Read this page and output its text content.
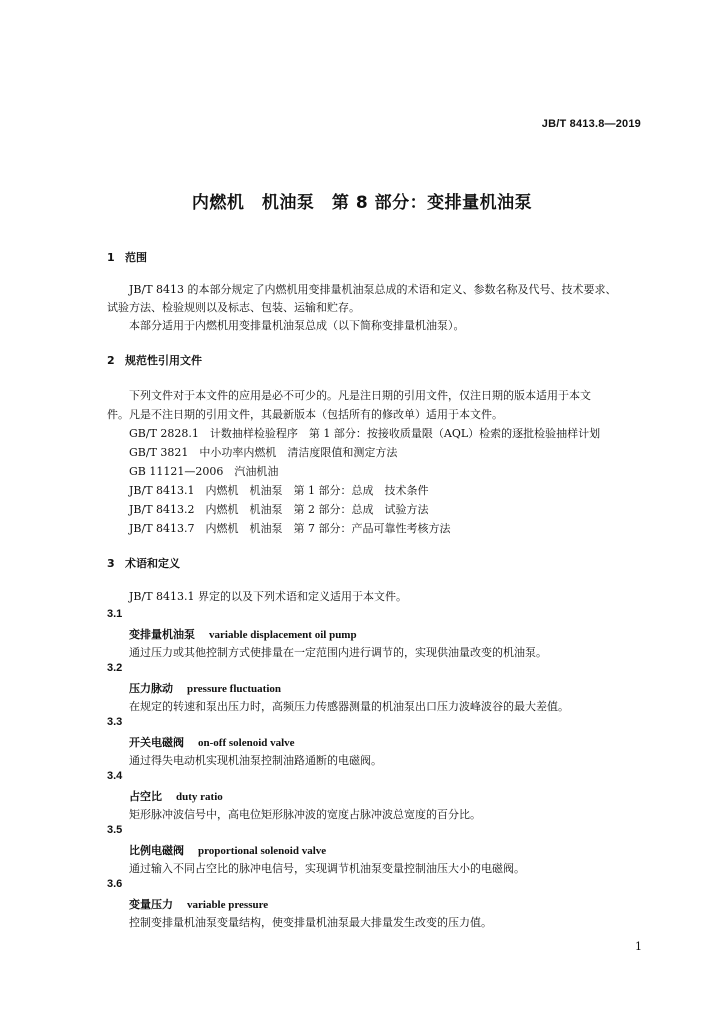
JB/T 8413.8—2019
内燃机　机油泵　第 8 部分：变排量机油泵
1 范围
JB/T 8413 的本部分规定了内燃机用变排量机油泵总成的术语和定义、参数名称及代号、技术要求、
试验方法、检验规则以及标志、包装、运输和贮存。
本部分适用于内燃机用变排量机油泵总成（以下简称变排量机油泵）。
2 规范性引用文件
下列文件对于本文件的应用是必不可少的。凡是注日期的引用文件，仅注日期的版本适用于本文
件。凡是不注日期的引用文件，其最新版本（包括所有的修改单）适用于本文件。
GB/T 2828.1　计数抽样检验程序　第 1 部分：按接收质量限（AQL）检索的逐批检验抽样计划
GB/T 3821　中小功率内燃机　清洁度限值和测定方法
GB 11121—2006　汽油机油
JB/T 8413.1　内燃机　机油泵　第 1 部分：总成　技术条件
JB/T 8413.2　内燃机　机油泵　第 2 部分：总成　试验方法
JB/T 8413.7　内燃机　机油泵　第 7 部分：产品可靠性考核方法
3 术语和定义
JB/T 8413.1 界定的以及下列术语和定义适用于本文件。
3.1
变排量机油泵 variable displacement oil pump
通过压力或其他控制方式使排量在一定范围内进行调节的，实现供油量改变的机油泵。
3.2
压力脉动 pressure fluctuation
在规定的转速和泵出压力时，高频压力传感器测量的机油泵出口压力波峰波谷的最大差值。
3.3
开关电磁阀 on-off solenoid valve
通过得失电动机实现机油泵控制油路通断的电磁阀。
3.4
占空比 duty ratio
矩形脉冲波信号中，高电位矩形脉冲波的宽度占脉冲波总宽度的百分比。
3.5
比例电磁阀 proportional solenoid valve
通过输入不同占空比的脉冲电信号，实现调节机油泵变量控制油压大小的电磁阀。
3.6
变量压力 variable pressure
控制变排量机油泵变量结构，使变排量机油泵最大排量发生改变的压力值。
1
